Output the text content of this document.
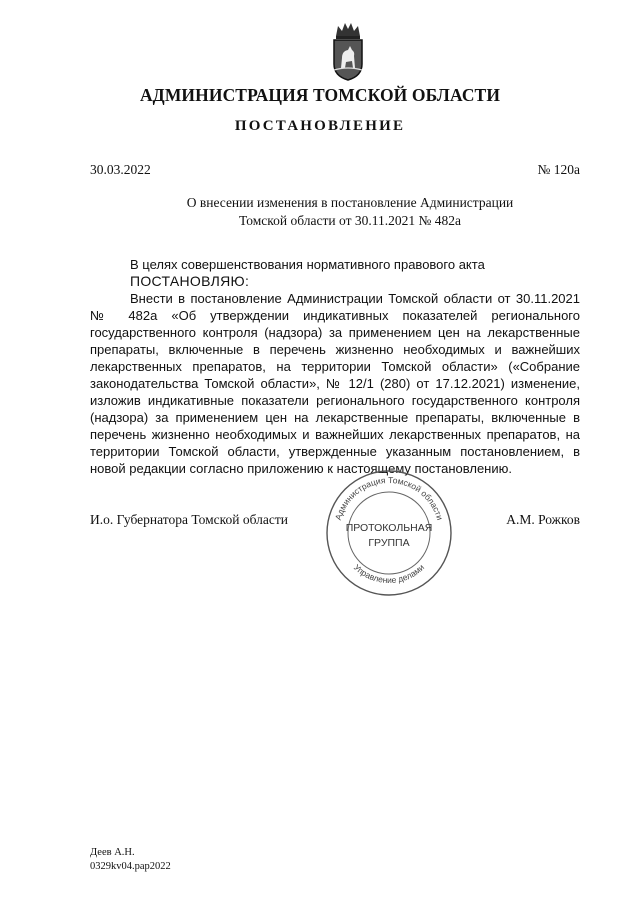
АДМИНИСТРАЦИЯ ТОМСКОЙ ОБЛАСТИ
ПОСТАНОВЛЕНИЕ
30.03.2022	№ 120а
О внесении изменения в постановление Администрации
Томской области от 30.11.2021 № 482а

В целях совершенствования нормативного правового акта

ПОСТАНОВЛЯЮ:

Внести в постановление Администрации Томской области от 30.11.2021 № 482а «Об утверждении индикативных показателей регионального государственного контроля (надзора) за применением цен на лекарственные препараты, включенные в перечень жизненно необходимых и важнейших лекарственных препаратов, на территории Томской области» («Собрание законодательства Томской области», № 12/1 (280) от 17.12.2021) изменение, изложив индикативные показатели регионального государственного контроля (надзора) за применением цен на лекарственные препараты, включенные в перечень жизненно необходимых и важнейших лекарственных препаратов, на территории Томской области, утвержденные указанным постановлением, в новой редакции согласно приложению к настоящему постановлению.

И.о. Губернатора Томской области	А.М. Рожков
Администрация Томской области
Управление делами
ПРОТОКОЛЬНАЯ
ГРУППА
Деев А.Н.
0329kv04.pap2022
